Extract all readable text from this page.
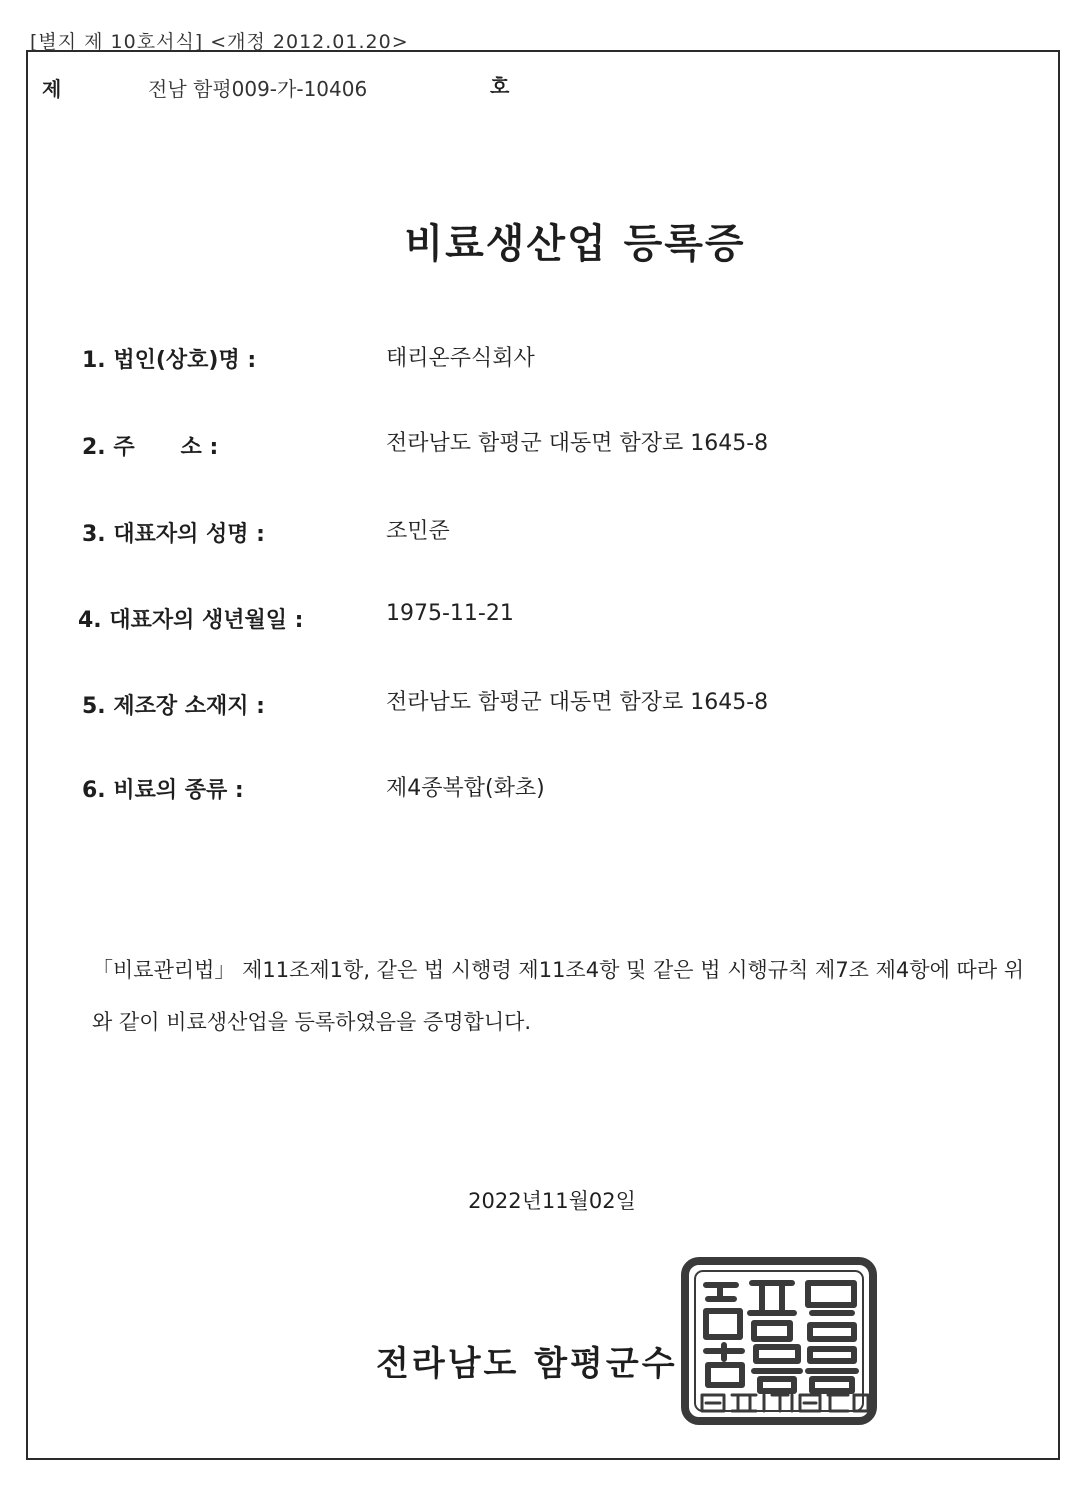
[별지 제 10호서식] <개정 2012.01.20>
제	전남 함평009-가-10406	호
비료생산업 등록증
1. 법인(상호)명 :	태리온주식회사
2. 주      소 :	전라남도 함평군 대동면 함장로 1645-8
3. 대표자의 성명 :	조민준
4. 대표자의 생년월일 :	1975-11-21
5. 제조장 소재지 :	전라남도 함평군 대동면 함장로 1645-8
6. 비료의 종류 :	제4종복합(화초)
「비료관리법」 제11조제1항, 같은 법 시행령 제11조4항 및 같은 법 시행규칙 제7조 제4항에 따라 위와 같이 비료생산업을 등록하였음을 증명합니다.
2022년11월02일
전라남도 함평군수
